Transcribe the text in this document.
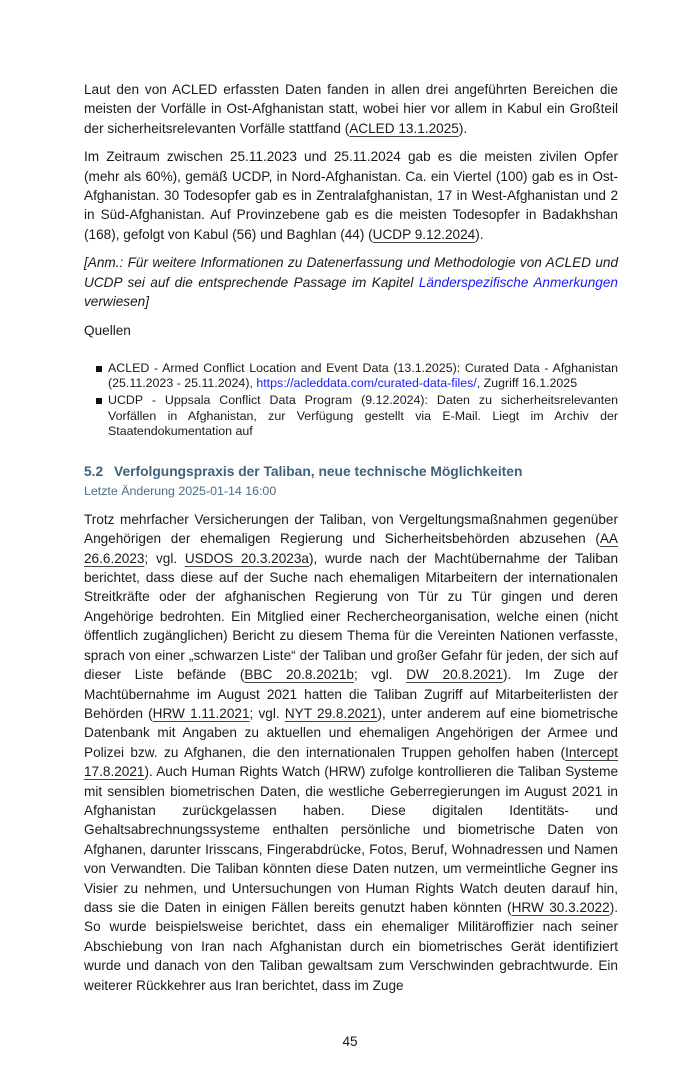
Laut den von ACLED erfassten Daten fanden in allen drei angeführten Bereichen die meisten der Vorfälle in Ost-Afghanistan statt, wobei hier vor allem in Kabul ein Großteil der sicherheitsrelevanten Vorfälle stattfand (ACLED 13.1.2025).

Im Zeitraum zwischen 25.11.2023 und 25.11.2024 gab es die meisten zivilen Opfer (mehr als 60%), gemäß UCDP, in Nord-Afghanistan. Ca. ein Viertel (100) gab es in Ost-Afghanistan. 30 Todesopfer gab es in Zentralafghanistan, 17 in West-Afghanistan und 2 in Süd-Afghanistan. Auf Provinzebene gab es die meisten Todesopfer in Badakhshan (168), gefolgt von Kabul (56) und Baghlan (44) (UCDP 9.12.2024).

[Anm.: Für weitere Informationen zu Datenerfassung und Methodologie von ACLED und UCDP sei auf die entsprechende Passage im Kapitel Länderspezifische Anmerkungen verwiesen]

Quellen

ACLED - Armed Conflict Location and Event Data (13.1.2025): Curated Data - Afghanistan (25.11.2023 - 25.11.2024), https://acleddata.com/curated-data-files/, Zugriff 16.1.2025
UCDP - Uppsala Conflict Data Program (9.12.2024): Daten zu sicherheitsrelevanten Vorfällen in Afghanistan, zur Verfügung gestellt via E-Mail. Liegt im Archiv der Staatendokumentation auf
5.2 Verfolgungspraxis der Taliban, neue technische Möglichkeiten
Letzte Änderung 2025-01-14 16:00

Trotz mehrfacher Versicherungen der Taliban, von Vergeltungsmaßnahmen gegenüber Angehörigen der ehemaligen Regierung und Sicherheitsbehörden abzusehen (AA 26.6.2023; vgl. USDOS 20.3.2023a), wurde nach der Machtübernahme der Taliban berichtet, dass diese auf der Suche nach ehemaligen Mitarbeitern der internationalen Streitkräfte oder der afghanischen Regierung von Tür zu Tür gingen und deren Angehörige bedrohten. Ein Mitglied einer Rechercheorganisation, welche einen (nicht öffentlich zugänglichen) Bericht zu diesem Thema für die Vereinten Nationen verfasste, sprach von einer „schwarzen Liste“ der Taliban und großer Gefahr für jeden, der sich auf dieser Liste befände (BBC 20.8.2021b; vgl. DW 20.8.2021). Im Zuge der Machtübernahme im August 2021 hatten die Taliban Zugriff auf Mitarbeiterlisten der Behörden (HRW 1.11.2021; vgl. NYT 29.8.2021), unter anderem auf eine biometrische Datenbank mit Angaben zu aktuellen und ehemaligen Angehörigen der Armee und Polizei bzw. zu Afghanen, die den internationalen Truppen geholfen haben (Intercept 17.8.2021). Auch Human Rights Watch (HRW) zufolge kontrollieren die Taliban Systeme mit sensiblen biometrischen Daten, die westliche Geberregierungen im August 2021 in Afghanistan zurückgelassen haben. Diese digitalen Identitäts- und Gehaltsabrechnungssysteme enthalten persönliche und biometrische Daten von Afghanen, darunter Irisscans, Fingerabdrücke, Fotos, Beruf, Wohnadressen und Namen von Verwandten. Die Taliban könnten diese Daten nutzen, um vermeintliche Gegner ins Visier zu nehmen, und Untersuchungen von Human Rights Watch deuten darauf hin, dass sie die Daten in einigen Fällen bereits genutzt haben könnten (HRW 30.3.2022). So wurde beispielsweise berichtet, dass ein ehemaliger Militäroffizier nach seiner Abschiebung von Iran nach Afghanistan durch ein biometrisches Gerät identifiziert wurde und danach von den Taliban gewaltsam zum Verschwinden gebrachtwurde. Ein weiterer Rückkehrer aus Iran berichtet, dass im Zuge

45
